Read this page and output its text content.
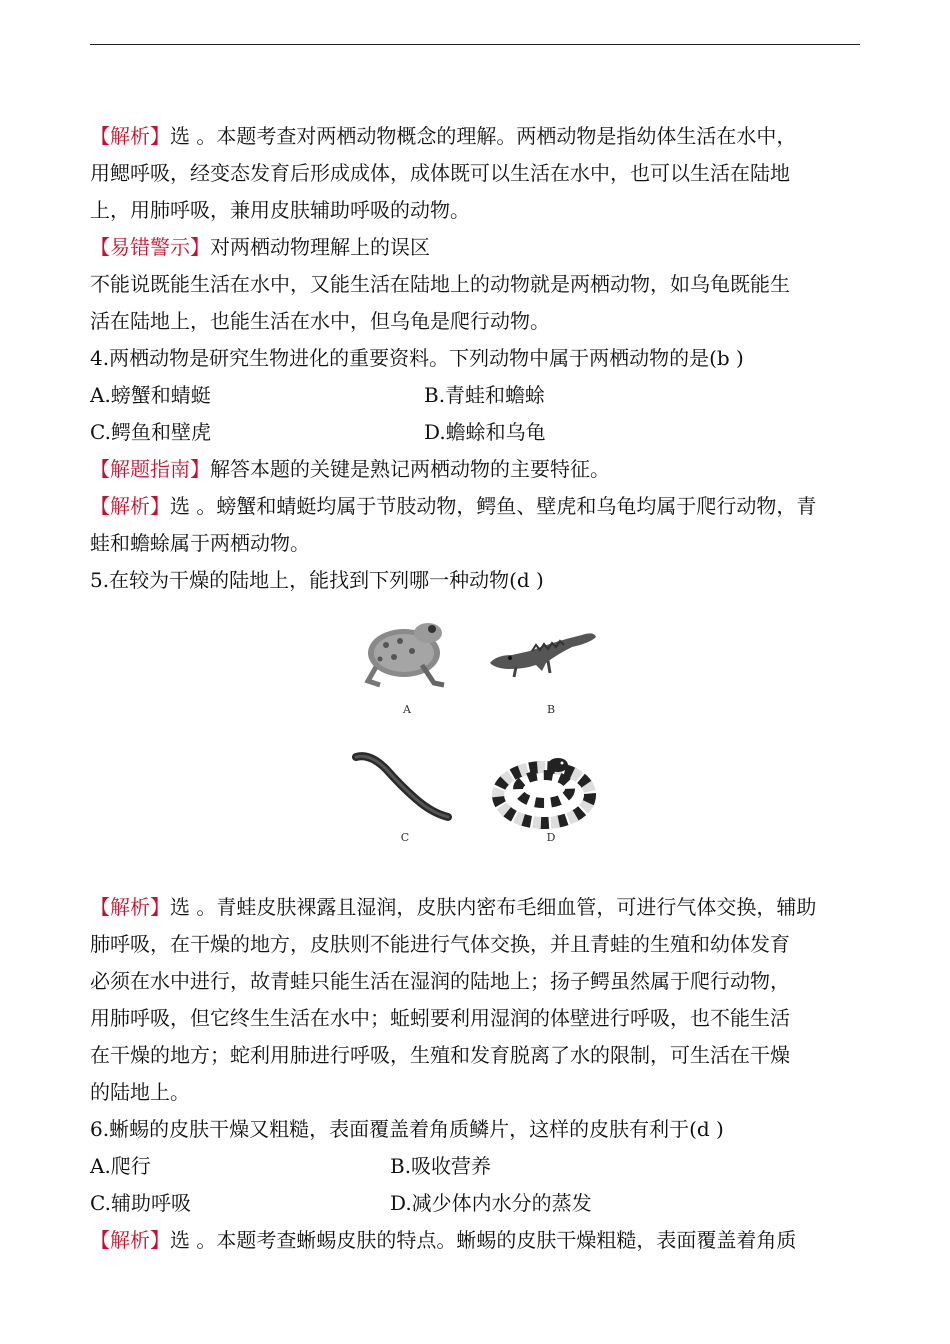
【解析】选 。本题考查对两栖动物概念的理解。两栖动物是指幼体生活在水中，
用鳃呼吸，经变态发育后形成成体，成体既可以生活在水中，也可以生活在陆地
上，用肺呼吸，兼用皮肤辅助呼吸的动物。
【易错警示】对两栖动物理解上的误区
不能说既能生活在水中，又能生活在陆地上的动物就是两栖动物，如乌龟既能生
活在陆地上，也能生活在水中，但乌龟是爬行动物。
4.两栖动物是研究生物进化的重要资料。下列动物中属于两栖动物的是(b )
A.螃蟹和蜻蜓	B.青蛙和蟾蜍
C.鳄鱼和壁虎	D.蟾蜍和乌龟
【解题指南】解答本题的关键是熟记两栖动物的主要特征。
【解析】选 。螃蟹和蜻蜓均属于节肢动物，鳄鱼、壁虎和乌龟均属于爬行动物，青
蛙和蟾蜍属于两栖动物。
5.在较为干燥的陆地上，能找到下列哪一种动物(d )
A	B
C	D
【解析】选 。青蛙皮肤裸露且湿润，皮肤内密布毛细血管，可进行气体交换，辅助
肺呼吸，在干燥的地方，皮肤则不能进行气体交换，并且青蛙的生殖和幼体发育
必须在水中进行，故青蛙只能生活在湿润的陆地上；扬子鳄虽然属于爬行动物，
用肺呼吸，但它终生生活在水中；蚯蚓要利用湿润的体壁进行呼吸，也不能生活
在干燥的地方；蛇利用肺进行呼吸，生殖和发育脱离了水的限制，可生活在干燥
的陆地上。
6.蜥蜴的皮肤干燥又粗糙，表面覆盖着角质鳞片，这样的皮肤有利于(d )
A.爬行	B.吸收营养
C.辅助呼吸	D.减少体内水分的蒸发
【解析】选 。本题考查蜥蜴皮肤的特点。蜥蜴的皮肤干燥粗糙，表面覆盖着角质
